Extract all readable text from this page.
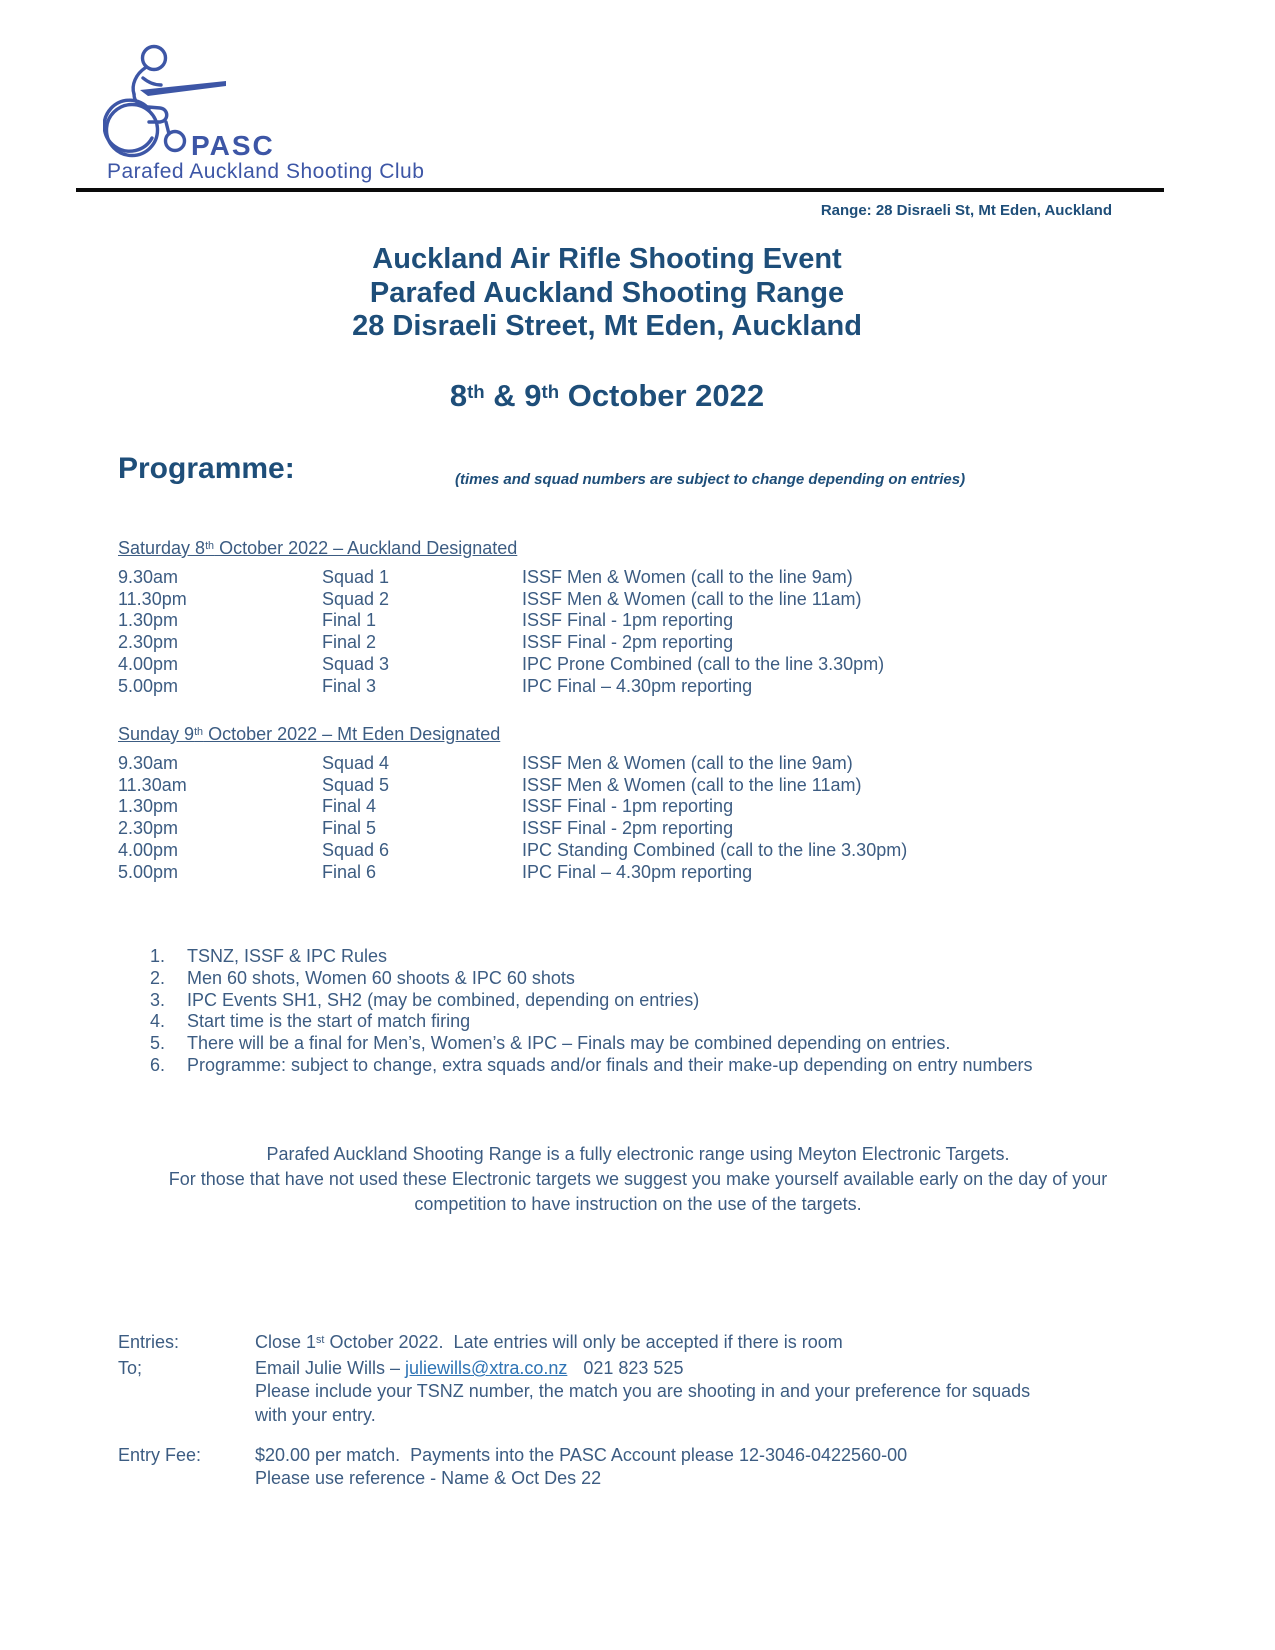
PASC
Parafed Auckland Shooting Club
Range: 28 Disraeli St, Mt Eden, Auckland
Auckland Air Rifle Shooting Event
Parafed Auckland Shooting Range
28 Disraeli Street, Mt Eden, Auckland
8th & 9th October 2022
Programme:	(times and squad numbers are subject to change depending on entries)
Saturday 8th October 2022 – Auckland Designated
9.30am	Squad 1	ISSF Men & Women (call to the line 9am)
11.30pm	Squad 2	ISSF Men & Women (call to the line 11am)
1.30pm	Final 1	ISSF Final - 1pm reporting
2.30pm	Final 2	ISSF Final - 2pm reporting
4.00pm	Squad 3	IPC Prone Combined (call to the line 3.30pm)
5.00pm	Final 3	IPC Final – 4.30pm reporting
Sunday 9th October 2022 – Mt Eden Designated
9.30am	Squad 4	ISSF Men & Women (call to the line 9am)
11.30am	Squad 5	ISSF Men & Women (call to the line 11am)
1.30pm	Final 4	ISSF Final - 1pm reporting
2.30pm	Final 5	ISSF Final - 2pm reporting
4.00pm	Squad 6	IPC Standing Combined (call to the line 3.30pm)
5.00pm	Final 6	IPC Final – 4.30pm reporting
1.	TSNZ, ISSF & IPC Rules
2.	Men 60 shots, Women 60 shoots & IPC 60 shots
3.	IPC Events SH1, SH2 (may be combined, depending on entries)
4.	Start time is the start of match firing
5.	There will be a final for Men’s, Women’s & IPC – Finals may be combined depending on entries.
6.	Programme: subject to change, extra squads and/or finals and their make-up depending on entry numbers
Parafed Auckland Shooting Range is a fully electronic range using Meyton Electronic Targets.
For those that have not used these Electronic targets we suggest you make yourself available early on the day of your
competition to have instruction on the use of the targets.
Entries:	Close 1st October 2022.  Late entries will only be accepted if there is room
To;	Email Julie Wills – juliewills@xtra.co.nz 021 823 525
Please include your TSNZ number, the match you are shooting in and your preference for squads
with your entry.
Entry Fee:	$20.00 per match.  Payments into the PASC Account please 12-3046-0422560-00
Please use reference - Name & Oct Des 22
